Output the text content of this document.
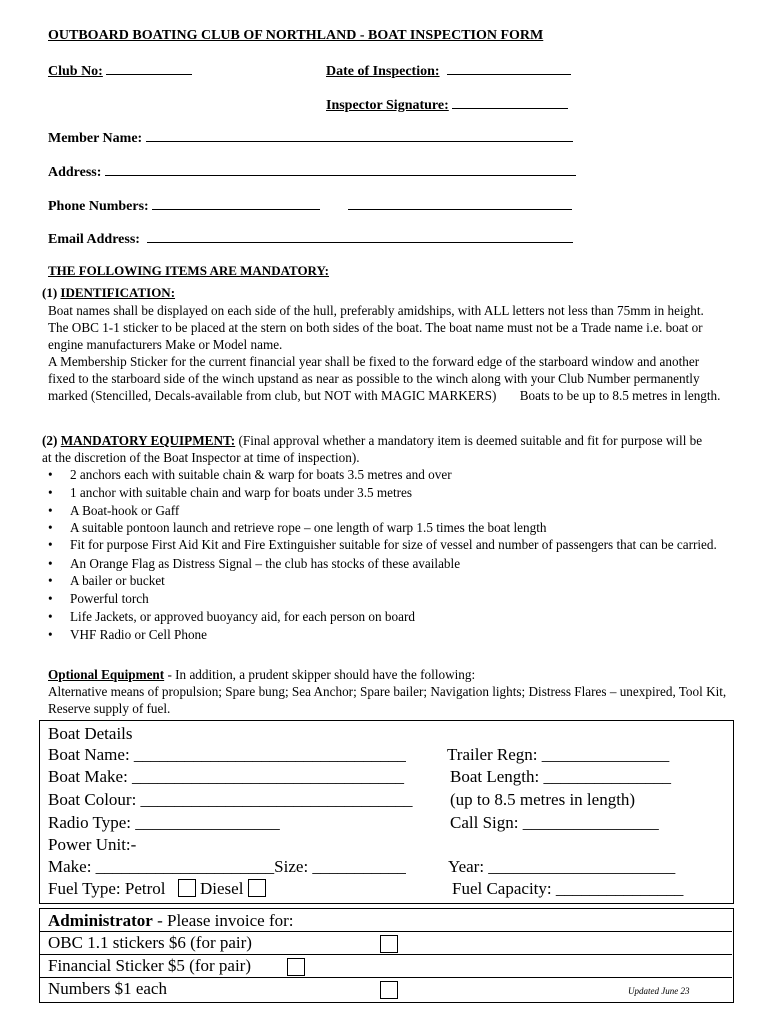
OUTBOARD BOATING CLUB OF NORTHLAND - BOAT INSPECTION FORM
Club No:	Date of Inspection:
Inspector Signature:
Member Name:
Address:
Phone Numbers:
Email Address:
THE FOLLOWING ITEMS ARE MANDATORY:
(1) IDENTIFICATION:
Boat names shall be displayed on each side of the hull, preferably amidships, with ALL letters not less than 75mm in height. The OBC 1-1 sticker to be placed at the stern on both sides of the boat. The boat name must not be a Trade name i.e. boat or engine manufacturers Make or Model name.
A Membership Sticker for the current financial year shall be fixed to the forward edge of the starboard window and another fixed to the starboard side of the winch upstand as near as possible to the winch along with your Club Number permanently marked (Stencilled, Decals-available from club, but NOT with MAGIC MARKERS) Boats to be up to 8.5 metres in length.
(2) MANDATORY EQUIPMENT: (Final approval whether a mandatory item is deemed suitable and fit for purpose will be at the discretion of the Boat Inspector at time of inspection).
• 2 anchors each with suitable chain & warp for boats 3.5 metres and over
• 1 anchor with suitable chain and warp for boats under 3.5 metres
• A Boat-hook or Gaff
• A suitable pontoon launch and retrieve rope – one length of warp 1.5 times the boat length
• Fit for purpose First Aid Kit and Fire Extinguisher suitable for size of vessel and number of passengers that can be carried.
• An Orange Flag as Distress Signal – the club has stocks of these available
• A bailer or bucket
• Powerful torch
• Life Jackets, or approved buoyancy aid, for each person on board
• VHF Radio or Cell Phone
Optional Equipment - In addition, a prudent skipper should have the following:
Alternative means of propulsion; Spare bung; Sea Anchor; Spare bailer; Navigation lights; Distress Flares – unexpired, Tool Kit, Reserve supply of fuel.
Boat Details
Boat Name: ________________________________ Trailer Regn: _______________
Boat Make: ________________________________	Boat Length: _______________
Boat Colour: ________________________________ (up to 8.5 metres in length)
Radio Type: _________________	Call Sign: ________________
Power Unit:-
Make: _____________________Size: ___________ Year: ______________________
Fuel Type: Petrol Diesel	Fuel Capacity: _______________
Administrator - Please invoice for:
OBC 1.1 stickers $6 (for pair)
Financial Sticker $5 (for pair)
Numbers $1 each	Updated June 23
